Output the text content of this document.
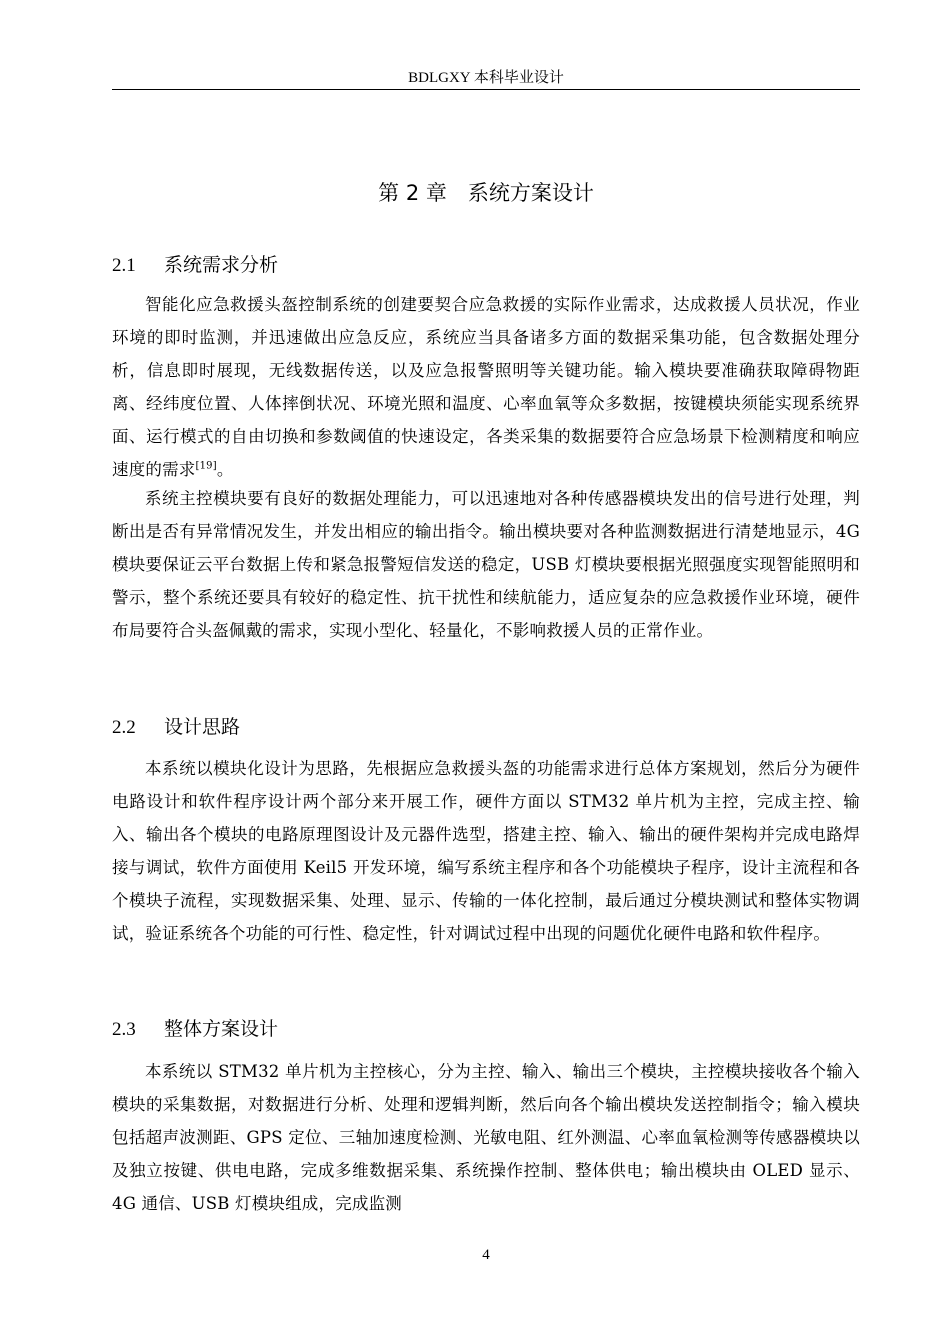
BDLGXY 本科毕业设计
第 2 章　系统方案设计
2.1 系统需求分析

智能化应急救援头盔控制系统的创建要契合应急救援的实际作业需求，达成救援人员状况，作业环境的即时监测，并迅速做出应急反应，系统应当具备诸多方面的数据采集功能，包含数据处理分析，信息即时展现，无线数据传送，以及应急报警照明等关键功能。输入模块要准确获取障碍物距离、经纬度位置、人体摔倒状况、环境光照和温度、心率血氧等众多数据，按键模块须能实现系统界面、运行模式的自由切换和参数阈值的快速设定，各类采集的数据要符合应急场景下检测精度和响应速度的需求[19]。

系统主控模块要有良好的数据处理能力，可以迅速地对各种传感器模块发出的信号进行处理，判断出是否有异常情况发生，并发出相应的输出指令。输出模块要对各种监测数据进行清楚地显示，4G 模块要保证云平台数据上传和紧急报警短信发送的稳定，USB 灯模块要根据光照强度实现智能照明和警示，整个系统还要具有较好的稳定性、抗干扰性和续航能力，适应复杂的应急救援作业环境，硬件布局要符合头盔佩戴的需求，实现小型化、轻量化，不影响救援人员的正常作业。

2.2 设计思路

本系统以模块化设计为思路，先根据应急救援头盔的功能需求进行总体方案规划，然后分为硬件电路设计和软件程序设计两个部分来开展工作，硬件方面以 STM32 单片机为主控，完成主控、输入、输出各个模块的电路原理图设计及元器件选型，搭建主控、输入、输出的硬件架构并完成电路焊接与调试，软件方面使用 Keil5 开发环境，编写系统主程序和各个功能模块子程序，设计主流程和各个模块子流程，实现数据采集、处理、显示、传输的一体化控制，最后通过分模块测试和整体实物调试，验证系统各个功能的可行性、稳定性，针对调试过程中出现的问题优化硬件电路和软件程序。

2.3 整体方案设计

本系统以 STM32 单片机为主控核心，分为主控、输入、输出三个模块，主控模块接收各个输入模块的采集数据，对数据进行分析、处理和逻辑判断，然后向各个输出模块发送控制指令；输入模块包括超声波测距、GPS 定位、三轴加速度检测、光敏电阻、红外测温、心率血氧检测等传感器模块以及独立按键、供电电路，完成多维数据采集、系统操作控制、整体供电；输出模块由 OLED 显示、4G 通信、USB 灯模块组成，完成监测

4
